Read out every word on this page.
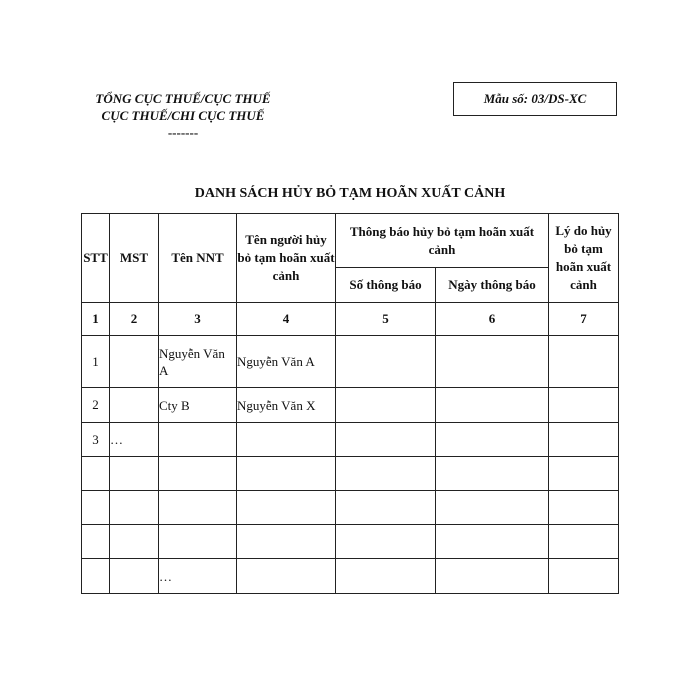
TỔNG CỤC THUẾ/CỤC THUẾ
CỤC THUẾ/CHI CỤC THUẾ
-------
Mẫu số: 03/DS-XC
DANH SÁCH HỦY BỎ TẠM HOÃN XUẤT CẢNH
STT	MST	Tên NNT	Tên người hủy bỏ tạm hoãn xuất cảnh	Thông báo hủy bỏ tạm hoãn xuất cảnh		Lý do hủy bỏ tạm hoãn xuất cảnh
				Số thông báo	Ngày thông báo	
1	2	3	4	5	6	7
1		Nguyễn Văn A	Nguyễn Văn A			
2		Cty B	Nguyễn Văn X			
3	…					

		…				
